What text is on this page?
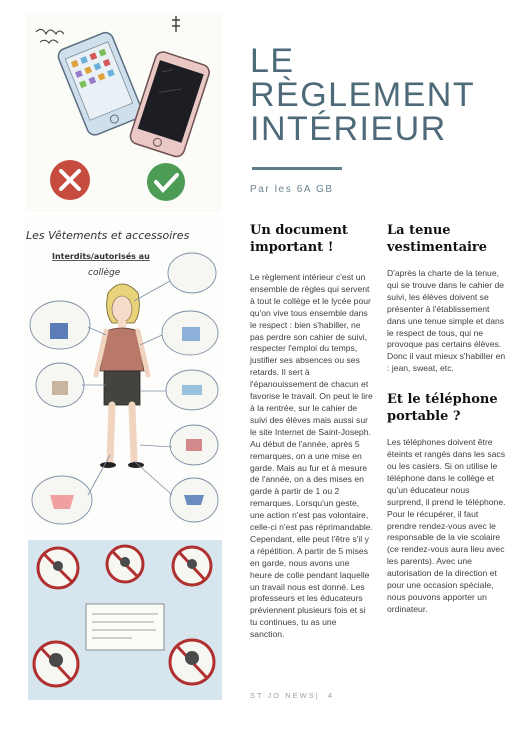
Les Vêtements et accessoires
Interdits/autorisés au
collège
LE
RÈGLEMENT
INTÉRIEUR
Par les 6A GB
Un document important !

Le règlement intérieur c'est un ensemble de règles qui servent à tout le collège et le lycée pour qu'on vive tous ensemble dans le respect : bien s'habiller, ne pas perdre son cahier de suivi, respecter l'emploi du temps, justifier ses absences ou ses retards. Il sert à l'épanouissement de chacun et favorise le travail. On peut le lire à la rentrée, sur le cahier de suivi des élèves mais aussi sur le site Internet de Saint-Joseph. Au début de l'année, après 5 remarques, on a une mise en garde. Mais au fur et à mesure de l'année, on a des mises en garde à partir de 1 ou 2 remarques. Lorsqu'un geste, une action n'est pas volontaire, celle-ci n'est pas réprimandable. Cependant, elle peut l'être s'il y a répétition. A partir de 5 mises en garde, nous avons une heure de colle pendant laquelle un travail nous est donné. Les professeurs et les éducateurs préviennent plusieurs fois et si tu continues, tu as une sanction.

La tenue vestimentaire

D'après la charte de la tenue, qui se trouve dans le cahier de suivi, les élèves doivent se présenter à l'établissement dans une tenue simple et dans le respect de tous, qui ne provoque pas certains élèves. Donc il vaut mieux s'habiller en : jean, sweat, etc.

Et le téléphone portable ?

Les téléphones doivent être éteints et rangés dans les sacs ou les casiers. Si on utilise le téléphone dans le collège et qu'un éducateur nous surprend, il prend le téléphone. Pour le récupérer, il faut prendre rendez-vous avec le responsable de la vie scolaire (ce rendez-vous aura lieu avec les parents). Avec une autorisation de la direction et pour une occasion spéciale, nous pouvons apporter un ordinateur.

ST JO NEWS| 4
